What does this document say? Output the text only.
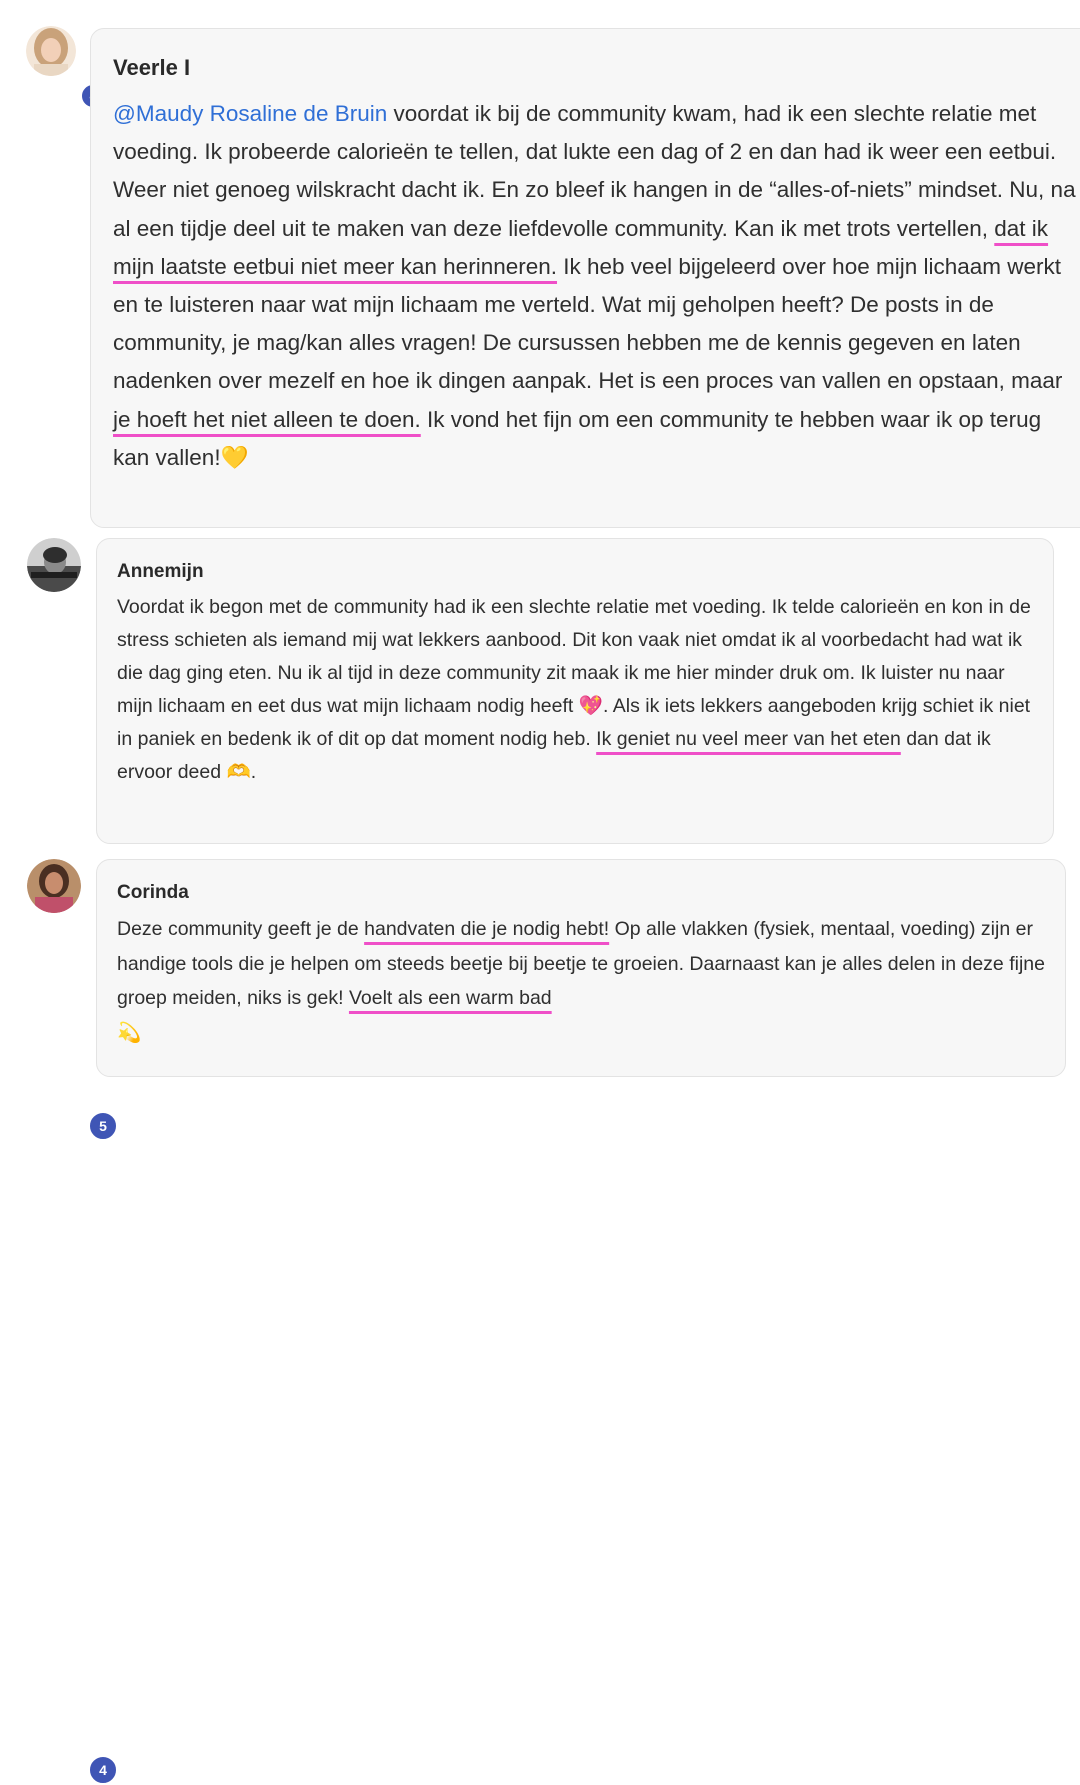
Veerle I
@Maudy Rosaline de Bruin voordat ik bij de community kwam, had ik een slechte relatie met voeding. Ik probeerde calorieën te tellen, dat lukte een dag of 2 en dan had ik weer een eetbui. Weer niet genoeg wilskracht dacht ik. En zo bleef ik hangen in de “alles-of-niets” mindset. Nu, na al een tijdje deel uit te maken van deze liefdevolle community. Kan ik met trots vertellen, dat ik mijn laatste eetbui niet meer kan herinneren. Ik heb veel bijgeleerd over hoe mijn lichaam werkt en te luisteren naar wat mijn lichaam me verteld. Wat mij geholpen heeft? De posts in de community, je mag/kan alles vragen! De cursussen hebben me de kennis gegeven en laten nadenken over mezelf en hoe ik dingen aanpak. Het is een proces van vallen en opstaan, maar je hoeft het niet alleen te doen. Ik vond het fijn om een community te hebben waar ik op terug kan vallen!💛
5
Annemijn
Voordat ik begon met de community had ik een slechte relatie met voeding. Ik telde calorieën en kon in de stress schieten als iemand mij wat lekkers aanbood. Dit kon vaak niet omdat ik al voorbedacht had wat ik die dag ging eten. Nu ik al tijd in deze community zit maak ik me hier minder druk om. Ik luister nu naar mijn lichaam en eet dus wat mijn lichaam nodig heeft 💖. Als ik iets lekkers aangeboden krijg schiet ik niet in paniek en bedenk ik of dit op dat moment nodig heb. Ik geniet nu veel meer van het eten dan dat ik ervoor deed 🫶.
4
Corinda
Deze community geeft je de handvaten die je nodig hebt! Op alle vlakken (fysiek, mentaal, voeding) zijn er handige tools die je helpen om steeds beetje bij beetje te groeien. Daarnaast kan je alles delen in deze fijne groep meiden, niks is gek! Voelt als een warm bad
💫
